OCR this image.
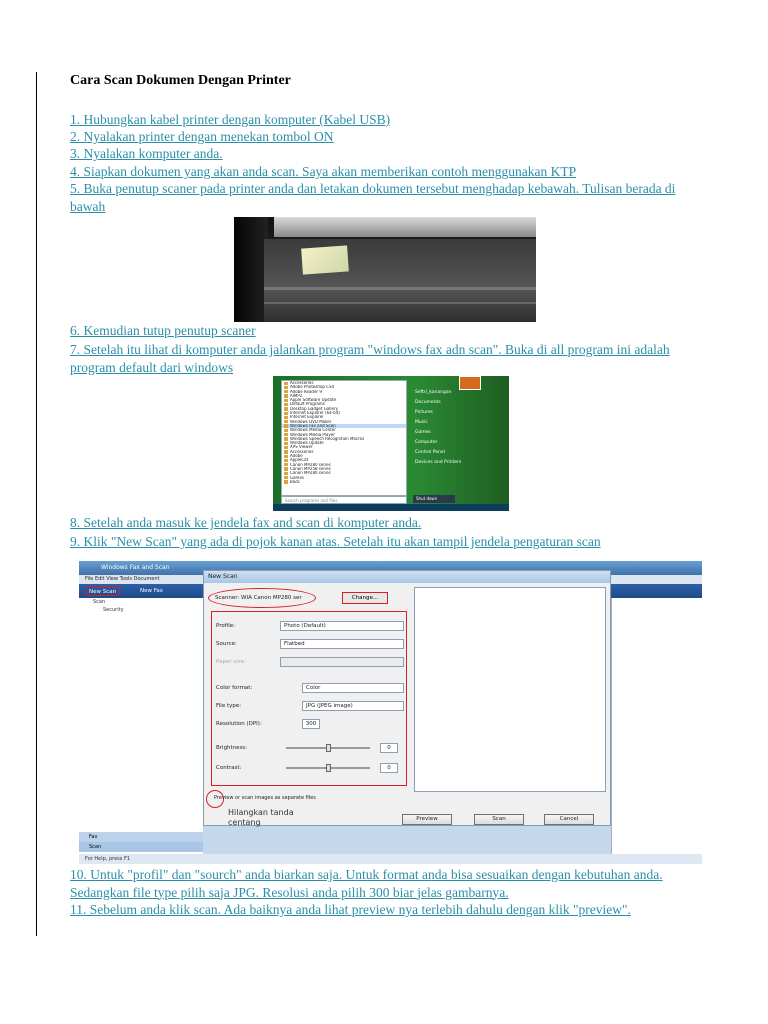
Cara Scan Dokumen Dengan Printer
1. Hubungkan kabel printer dengan komputer (Kabel USB)
2. Nyalakan printer dengan menekan tombol ON
3. Nyalakan komputer anda.
4. Siapkan dokumen yang akan anda scan. Saya akan memberikan contoh menggunakan KTP
5. Buka penutup scaner pada printer anda dan letakan dokumen tersebut menghadap kebawah. Tulisan berada di bawah
6. Kemudian tutup penutup scaner
7. Setelah itu lihat di komputer anda jalankan program "windows fax adn scan". Buka di all program ini adalah program default dari windows
Accessories
Adobe Photoshop CS4
Adobe Reader 9
AIMP2
Apple Software Update
Default Programs
Desktop Gadget Gallery
Internet Explorer (64-bit)
Internet Explorer
Windows DVD Maker
Windows Fax and Scan
Windows Media Center
Windows Media Player
Windows Speech Recognition Macros
Windows Update
XPS Viewer
Accessories
Adobe
AppleCat
Canon MP280 series
Canon MP258 series
Canon MP280 series
Games
Back
Search programs and files
Seftri_kanangan
Documents
Pictures
Music
Games
Computer
Control Panel
Devices and Printers
Shut down
8. Setelah anda masuk ke jendela fax and scan di komputer anda.
9. Klik "New Scan" yang ada di pojok kanan atas. Setelah itu akan tampil jendela pengaturan scan
Windows Fax and Scan
File Edit View Tools Document
New Scan	New Fax
Scan
Security
Fax
Scan
For Help, press F1
New Scan
Scanner: WIA Canon MP280 ser	Change...
Profile:	Photo (Default)
Source:	Flatbed
Paper size:
Color format:	Color
File type:	JPG (JPEG image)
Resolution (DPI):	300
Brightness:	0
Contrast:	0
Preview or scan images as separate files
Hilangkan tanda centang	Preview	Scan	Cancel
10. Untuk "profil" dan "sourch" anda biarkan saja. Untuk format anda bisa sesuaikan dengan kebutuhan anda. Sedangkan file type pilih saja JPG. Resolusi anda pilih 300 biar jelas gambarnya.
11. Sebelum anda klik scan. Ada baiknya anda lihat preview nya terlebih dahulu dengan klik "preview".
